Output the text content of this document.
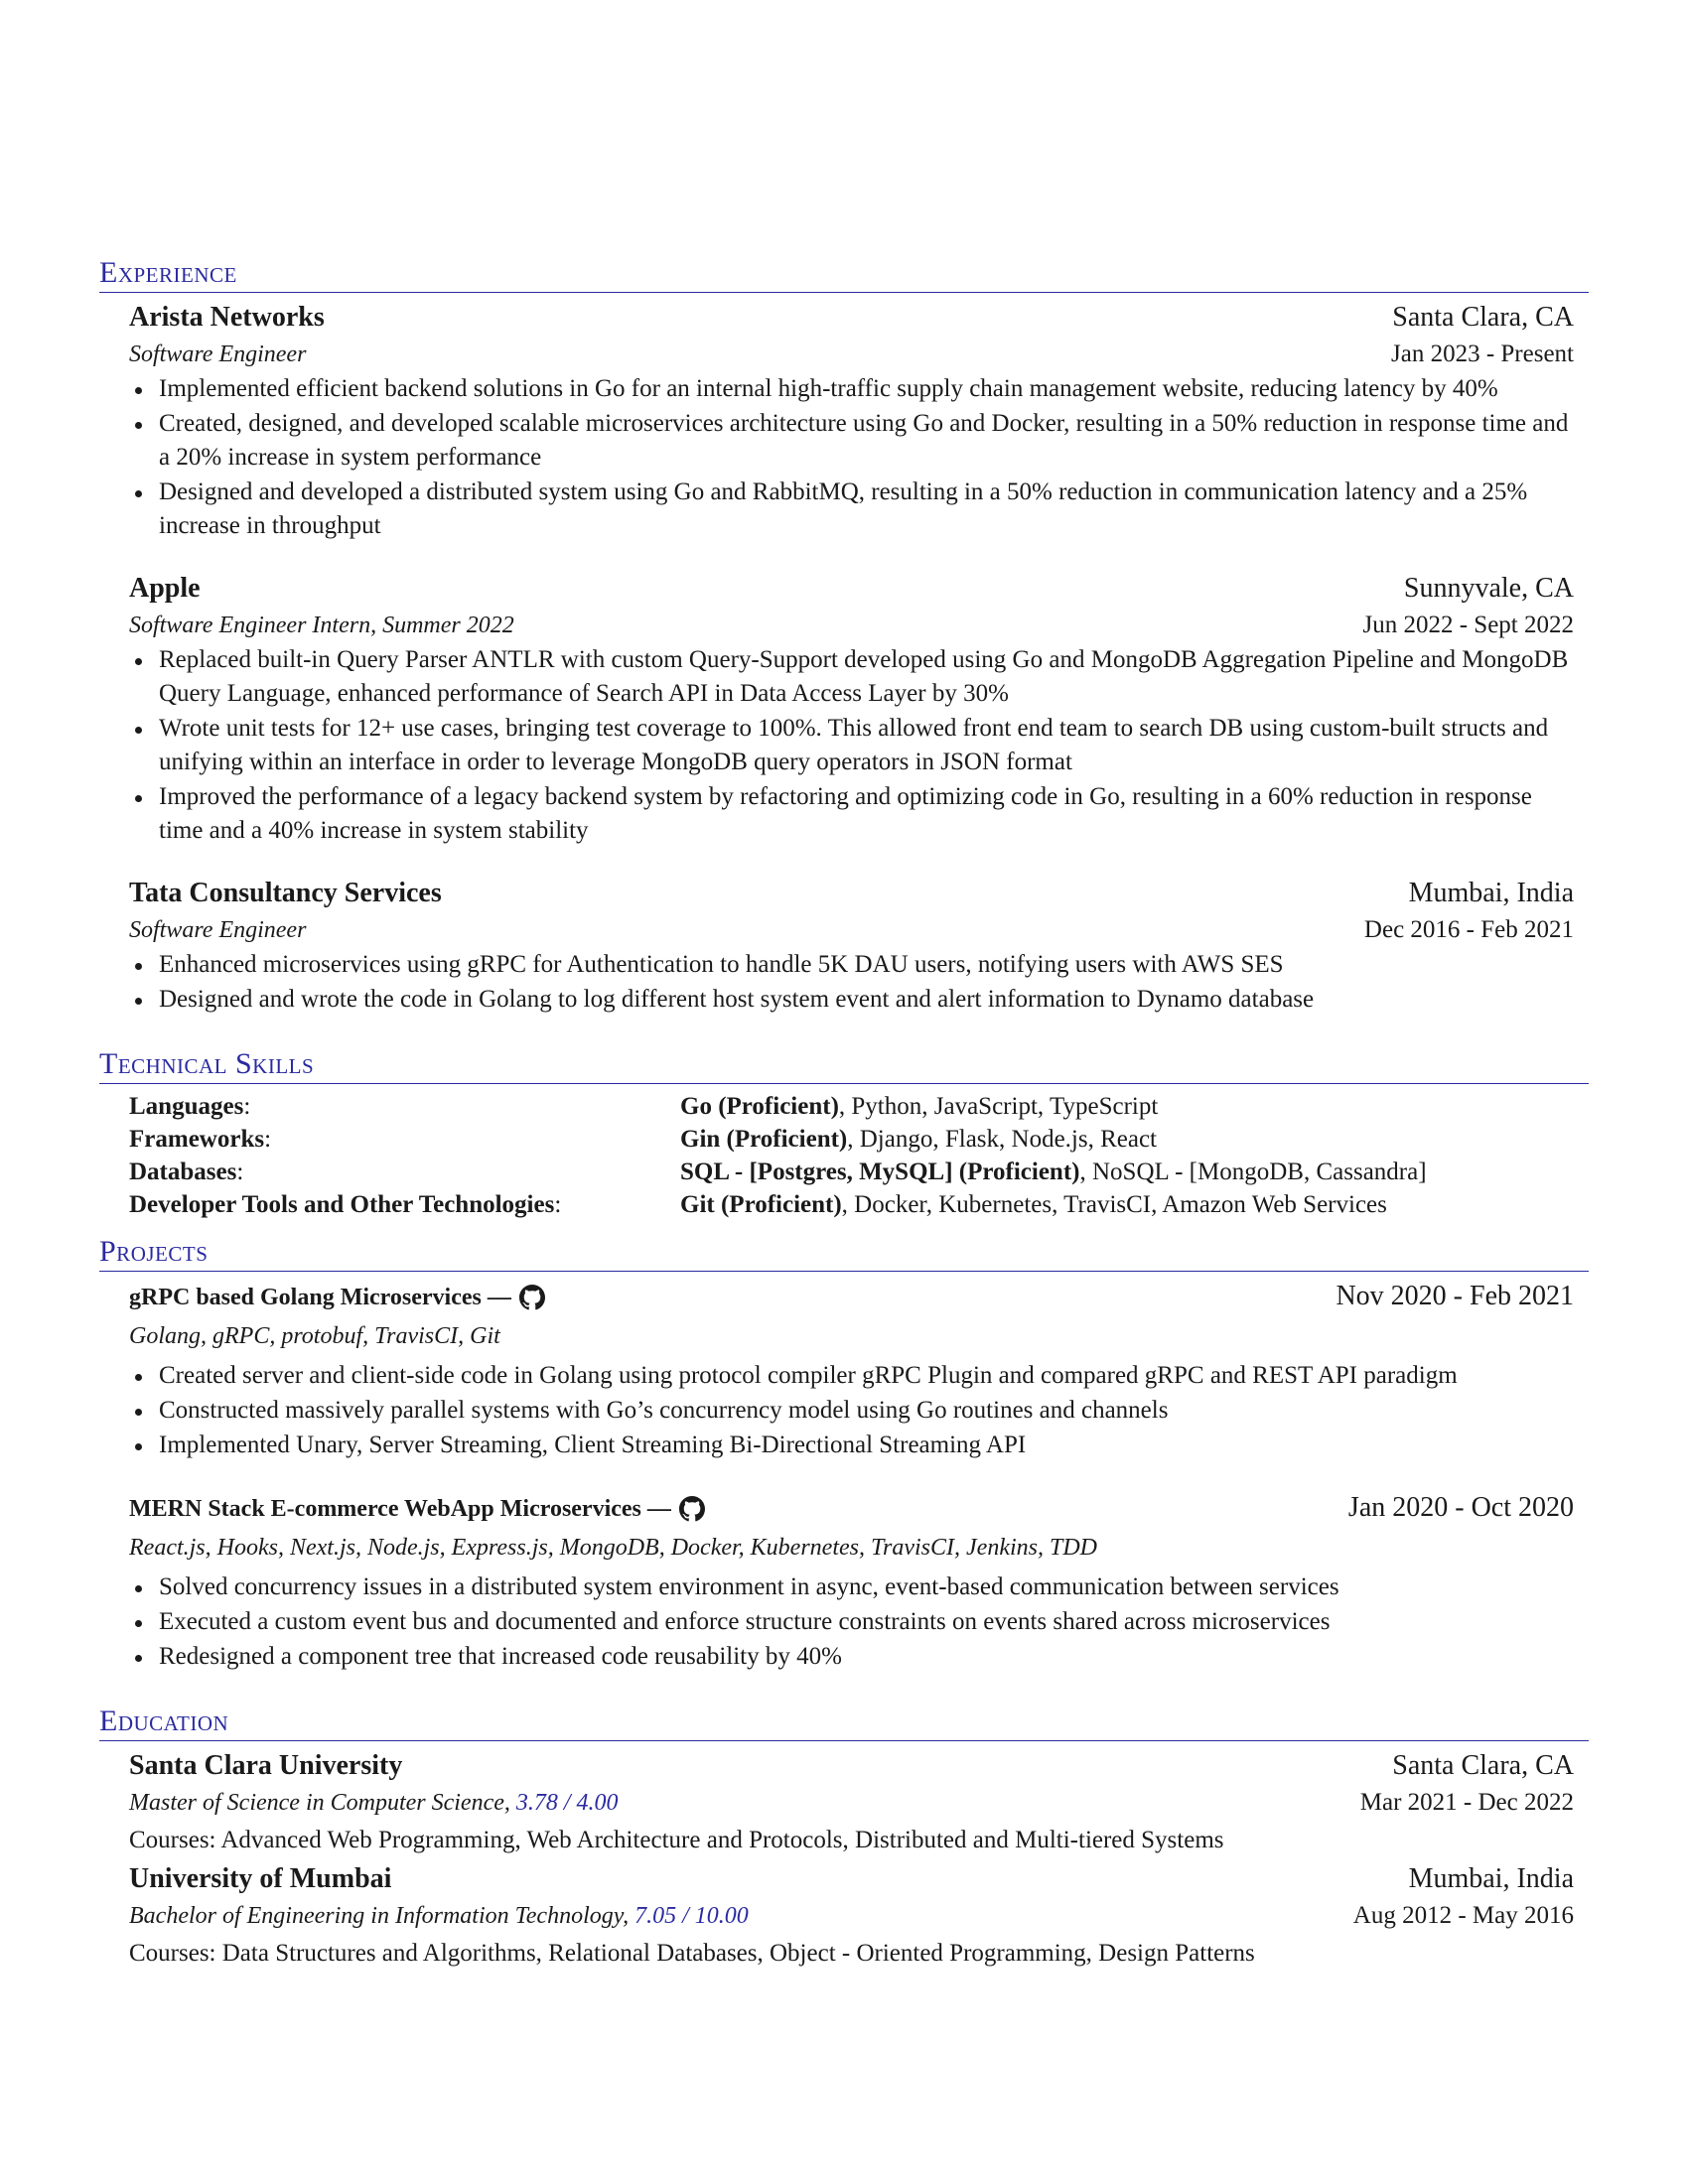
Experience
Arista Networks	Santa Clara, CA
Software Engineer	Jan 2023 - Present
Implemented efficient backend solutions in Go for an internal high-traffic supply chain management website, reducing latency by 40%
Created, designed, and developed scalable microservices architecture using Go and Docker, resulting in a 50% reduction in response time and a 20% increase in system performance
Designed and developed a distributed system using Go and RabbitMQ, resulting in a 50% reduction in communication latency and a 25% increase in throughput
Apple	Sunnyvale, CA
Software Engineer Intern, Summer 2022	Jun 2022 - Sept 2022
Replaced built-in Query Parser ANTLR with custom Query-Support developed using Go and MongoDB Aggregation Pipeline and MongoDB Query Language, enhanced performance of Search API in Data Access Layer by 30%
Wrote unit tests for 12+ use cases, bringing test coverage to 100%. This allowed front end team to search DB using custom-built structs and unifying within an interface in order to leverage MongoDB query operators in JSON format
Improved the performance of a legacy backend system by refactoring and optimizing code in Go, resulting in a 60% reduction in response time and a 40% increase in system stability
Tata Consultancy Services	Mumbai, India
Software Engineer	Dec 2016 - Feb 2021
Enhanced microservices using gRPC for Authentication to handle 5K DAU users, notifying users with AWS SES
Designed and wrote the code in Golang to log different host system event and alert information to Dynamo database
Technical Skills
Languages:	Go (Proficient), Python, JavaScript, TypeScript
Frameworks:	Gin (Proficient), Django, Flask, Node.js, React
Databases:	SQL - [Postgres, MySQL] (Proficient), NoSQL - [MongoDB, Cassandra]
Developer Tools and Other Technologies:	Git (Proficient), Docker, Kubernetes, TravisCI, Amazon Web Services
Projects
gRPC based Golang Microservices —	Nov 2020 - Feb 2021
Golang, gRPC, protobuf, TravisCI, Git
Created server and client-side code in Golang using protocol compiler gRPC Plugin and compared gRPC and REST API paradigm
Constructed massively parallel systems with Go’s concurrency model using Go routines and channels
Implemented Unary, Server Streaming, Client Streaming Bi-Directional Streaming API
MERN Stack E-commerce WebApp Microservices —	Jan 2020 - Oct 2020
React.js, Hooks, Next.js, Node.js, Express.js, MongoDB, Docker, Kubernetes, TravisCI, Jenkins, TDD
Solved concurrency issues in a distributed system environment in async, event-based communication between services
Executed a custom event bus and documented and enforce structure constraints on events shared across microservices
Redesigned a component tree that increased code reusability by 40%
Education
Santa Clara University	Santa Clara, CA
Master of Science in Computer Science, 3.78 / 4.00	Mar 2021 - Dec 2022
Courses: Advanced Web Programming, Web Architecture and Protocols, Distributed and Multi-tiered Systems
University of Mumbai	Mumbai, India
Bachelor of Engineering in Information Technology, 7.05 / 10.00	Aug 2012 - May 2016
Courses: Data Structures and Algorithms, Relational Databases, Object - Oriented Programming, Design Patterns
